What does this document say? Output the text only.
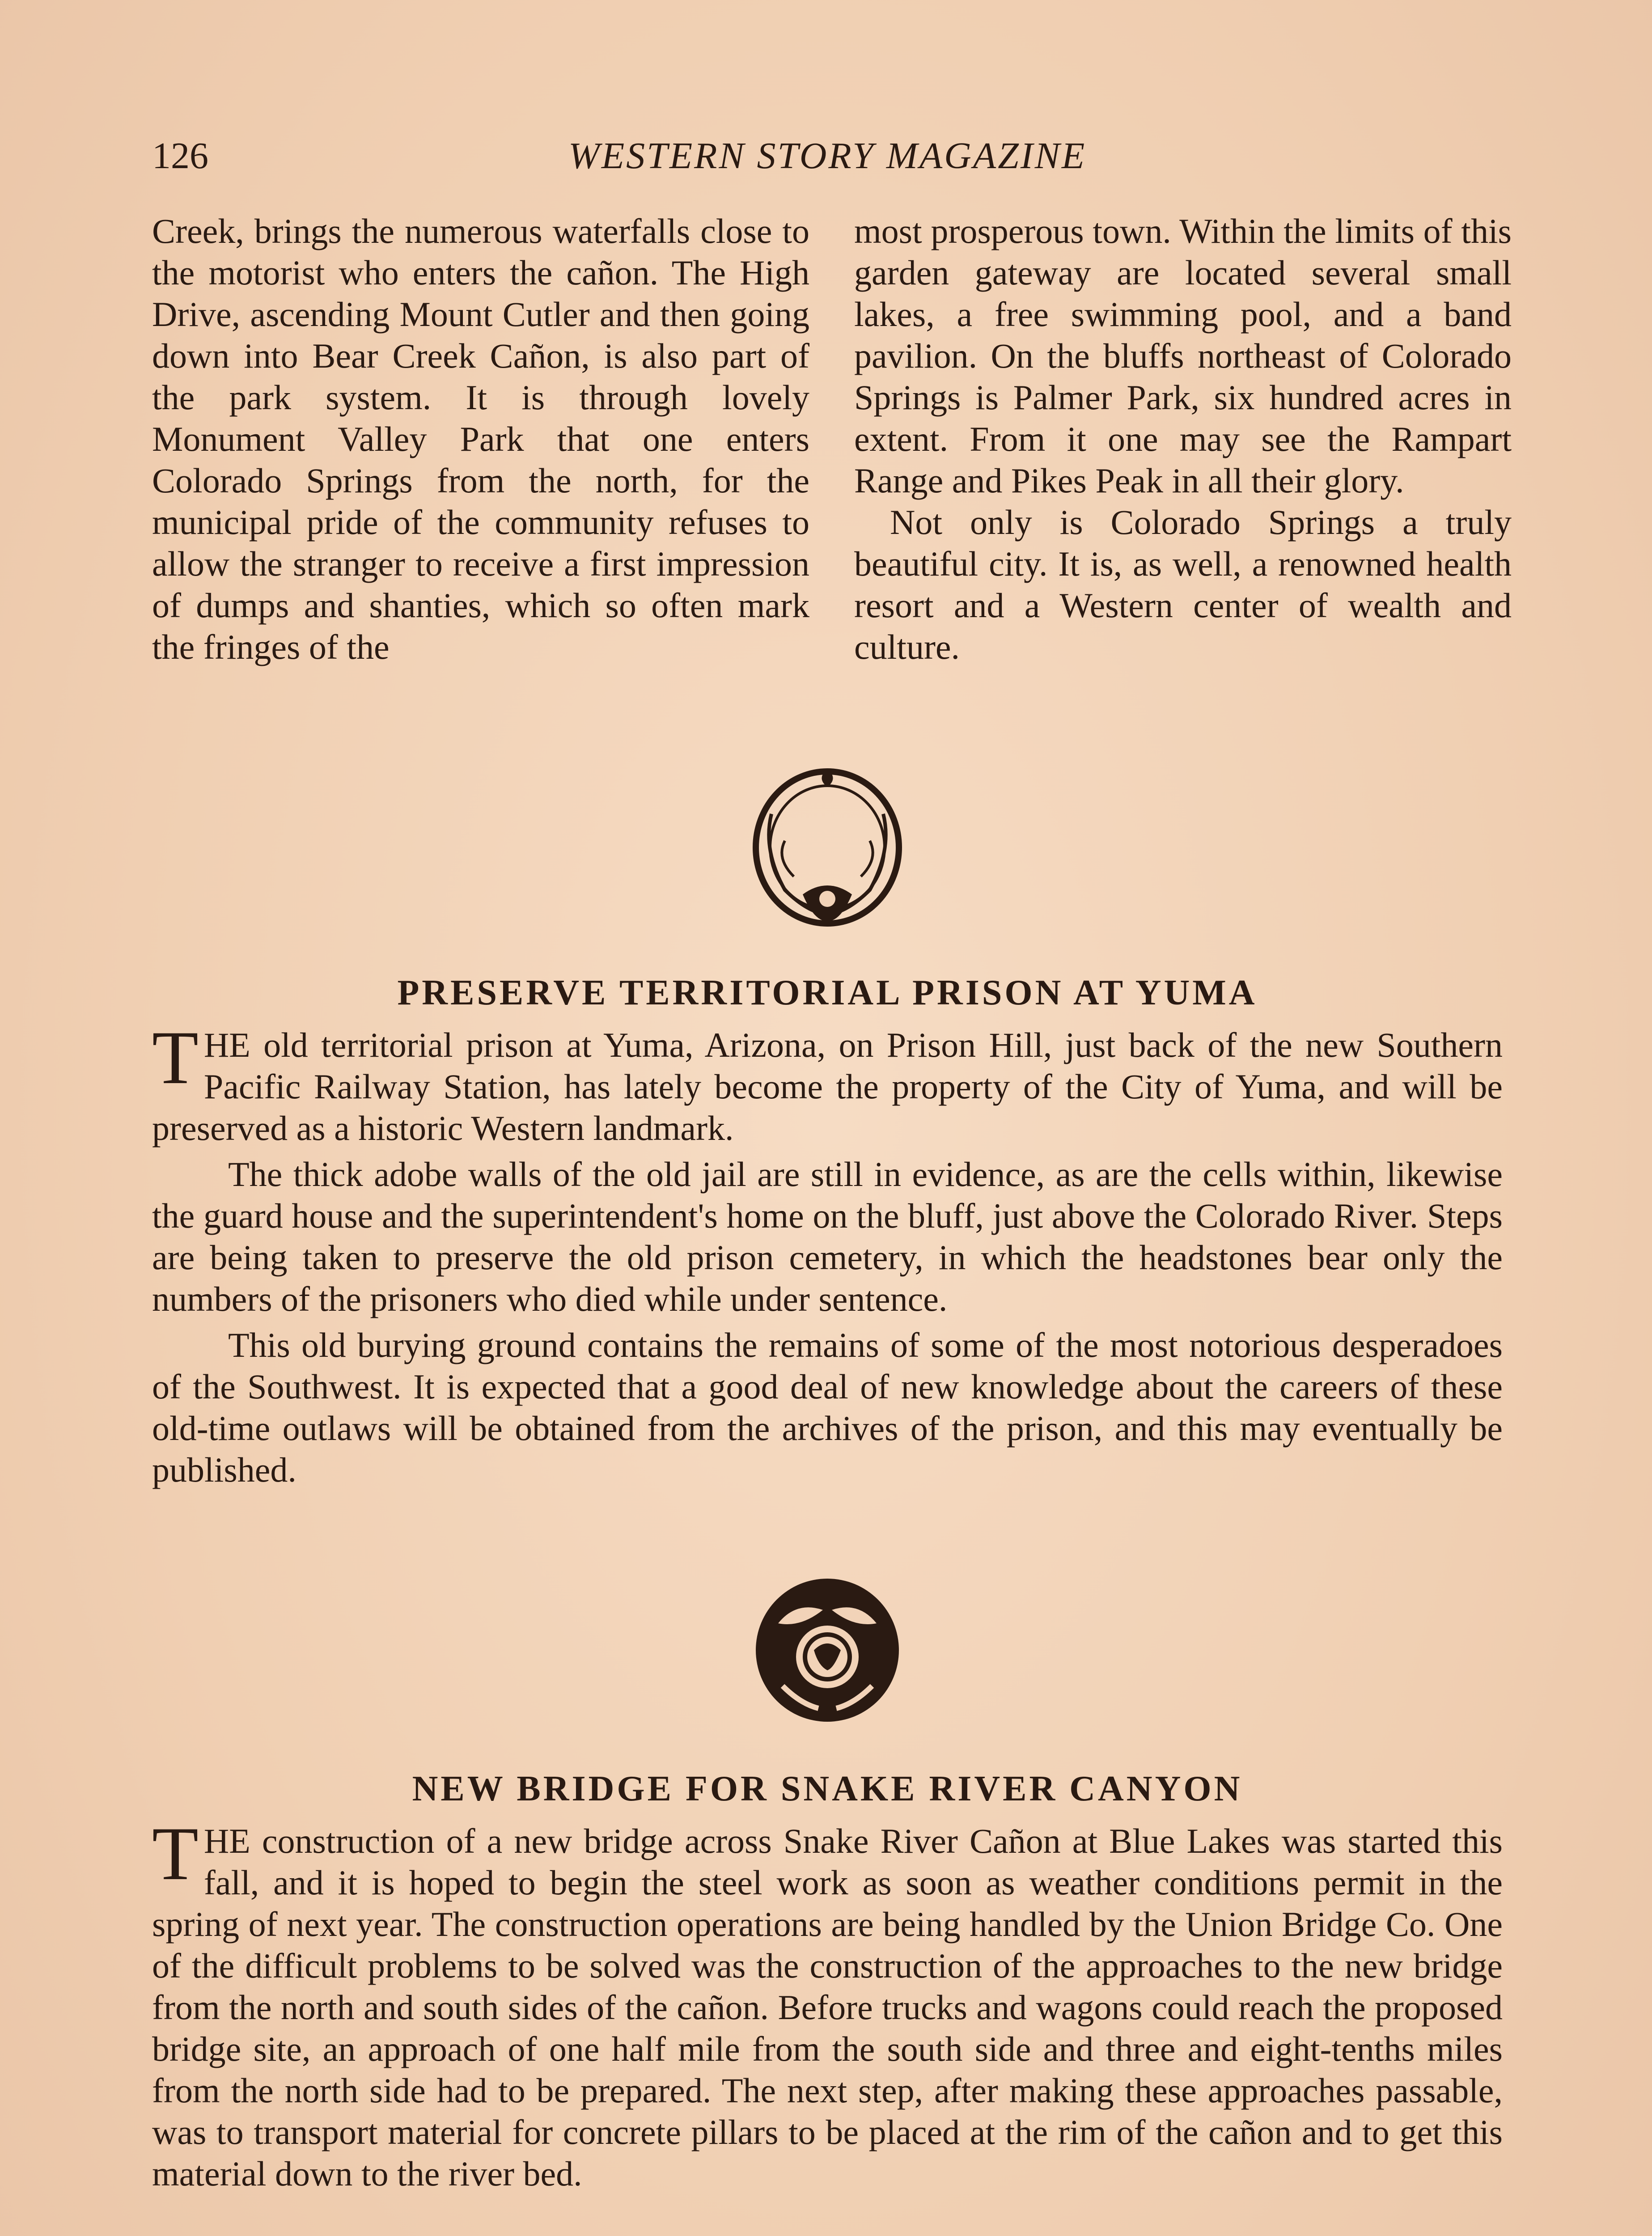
126	WESTERN STORY MAGAZINE

Creek, brings the numerous waterfalls close to the motorist who enters the cañon. The High Drive, ascending Mount Cutler and then going down into Bear Creek Cañon, is also part of the park system. It is through lovely Monument Valley Park that one enters Colorado Springs from the north, for the municipal pride of the community refuses to allow the stranger to receive a first impression of dumps and shanties, which so often mark the fringes of the

most prosperous town. Within the limits of this garden gateway are located several small lakes, a free swimming pool, and a band pavilion. On the bluffs northeast of Colorado Springs is Palmer Park, six hundred acres in extent. From it one may see the Rampart Range and Pikes Peak in all their glory.

Not only is Colorado Springs a truly beautiful city. It is, as well, a renowned health resort and a Western center of wealth and culture.

PRESERVE TERRITORIAL PRISON AT YUMA

THE old territorial prison at Yuma, Arizona, on Prison Hill, just back of the new Southern Pacific Railway Station, has lately become the property of the City of Yuma, and will be preserved as a historic Western landmark.

The thick adobe walls of the old jail are still in evidence, as are the cells within, likewise the guard house and the superintendent's home on the bluff, just above the Colorado River. Steps are being taken to preserve the old prison cemetery, in which the headstones bear only the numbers of the prisoners who died while under sentence.

This old burying ground contains the remains of some of the most notorious desperadoes of the Southwest. It is expected that a good deal of new knowledge about the careers of these old-time outlaws will be obtained from the archives of the prison, and this may eventually be published.

NEW BRIDGE FOR SNAKE RIVER CANYON

THE construction of a new bridge across Snake River Cañon at Blue Lakes was started this fall, and it is hoped to begin the steel work as soon as weather conditions permit in the spring of next year. The construction operations are being handled by the Union Bridge Co. One of the difficult problems to be solved was the construction of the approaches to the new bridge from the north and south sides of the cañon. Before trucks and wagons could reach the proposed bridge site, an approach of one half mile from the south side and three and eight-tenths miles from the north side had to be prepared. The next step, after making these approaches passable, was to transport material for concrete pillars to be placed at the rim of the cañon and to get this material down to the river bed.
